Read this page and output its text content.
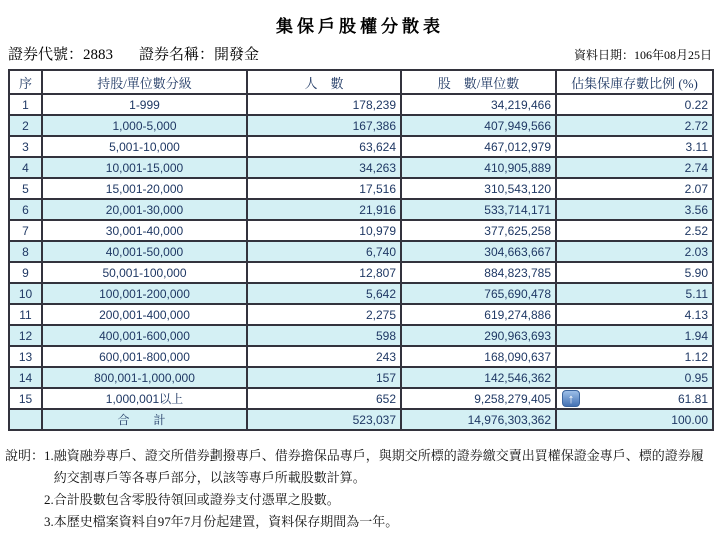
集保戶股權分散表
證券代號：2883 證券名稱：開發金	資料日期：106年08月25日
序	持股/單位數分級	人　數	股　數/單位數	佔集保庫存數比例 (%)
1	1-999	178,239	34,219,466	0.22
2	1,000-5,000	167,386	407,949,566	2.72
3	5,001-10,000	63,624	467,012,979	3.11
4	10,001-15,000	34,263	410,905,889	2.74
5	15,001-20,000	17,516	310,543,120	2.07
6	20,001-30,000	21,916	533,714,171	3.56
7	30,001-40,000	10,979	377,625,258	2.52
8	40,001-50,000	6,740	304,663,667	2.03
9	50,001-100,000	12,807	884,823,785	5.90
10	100,001-200,000	5,642	765,690,478	5.11
11	200,001-400,000	2,275	619,274,886	4.13
12	400,001-600,000	598	290,963,693	1.94
13	600,001-800,000	243	168,090,637	1.12
14	800,001-1,000,000	157	142,546,362	0.95
15	1,000,001以上	652	9,258,279,405	↑ 61.81
	合　計	523,037	14,976,303,362	100.00
說明： 1. 融資融券專戶、證交所借券劃撥專戶、借券擔保品專戶，與期交所標的證券繳交賣出買權保證金專戶、標的證券履約交割專戶等各專戶部分，以該等專戶所載股數計算。
2. 合計股數包含零股待領回或證券支付憑單之股數。
3. 本歷史檔案資料自97年7月份起建置，資料保存期間為一年。
